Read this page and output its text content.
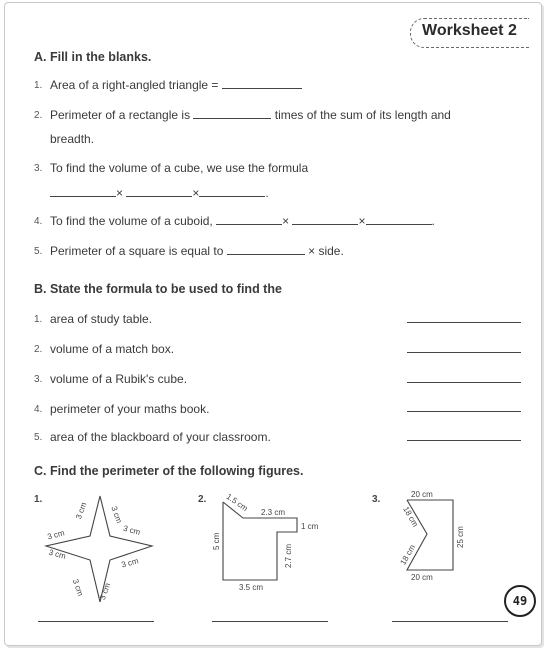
Worksheet 2
A. Fill in the blanks.
1. Area of a right-angled triangle =
2. Perimeter of a rectangle is	times of the sum of its length and
breadth.
3. To find the volume of a cube, we use the formula
×	×	.
4. To find the volume of a cuboid,	×	×	.
5. Perimeter of a square is equal to	× side.
B. State the formula to be used to find the
1. area of study table.
2. volume of a match box.
3. volume of a Rubik's cube.
4. perimeter of your maths book.
5. area of the blackboard of your classroom.
C. Find the perimeter of the following figures.
1.
3 cm	3 cm
3 cm
3 cm
3 cm
3 cm
3 cm 3 cm
2. 1.5 cm 2.3 cm
1 cm
5 cm
2.7 cm
3.5 cm
3.	20 cm
18 cm
18 cm
25 cm
20 cm
49
